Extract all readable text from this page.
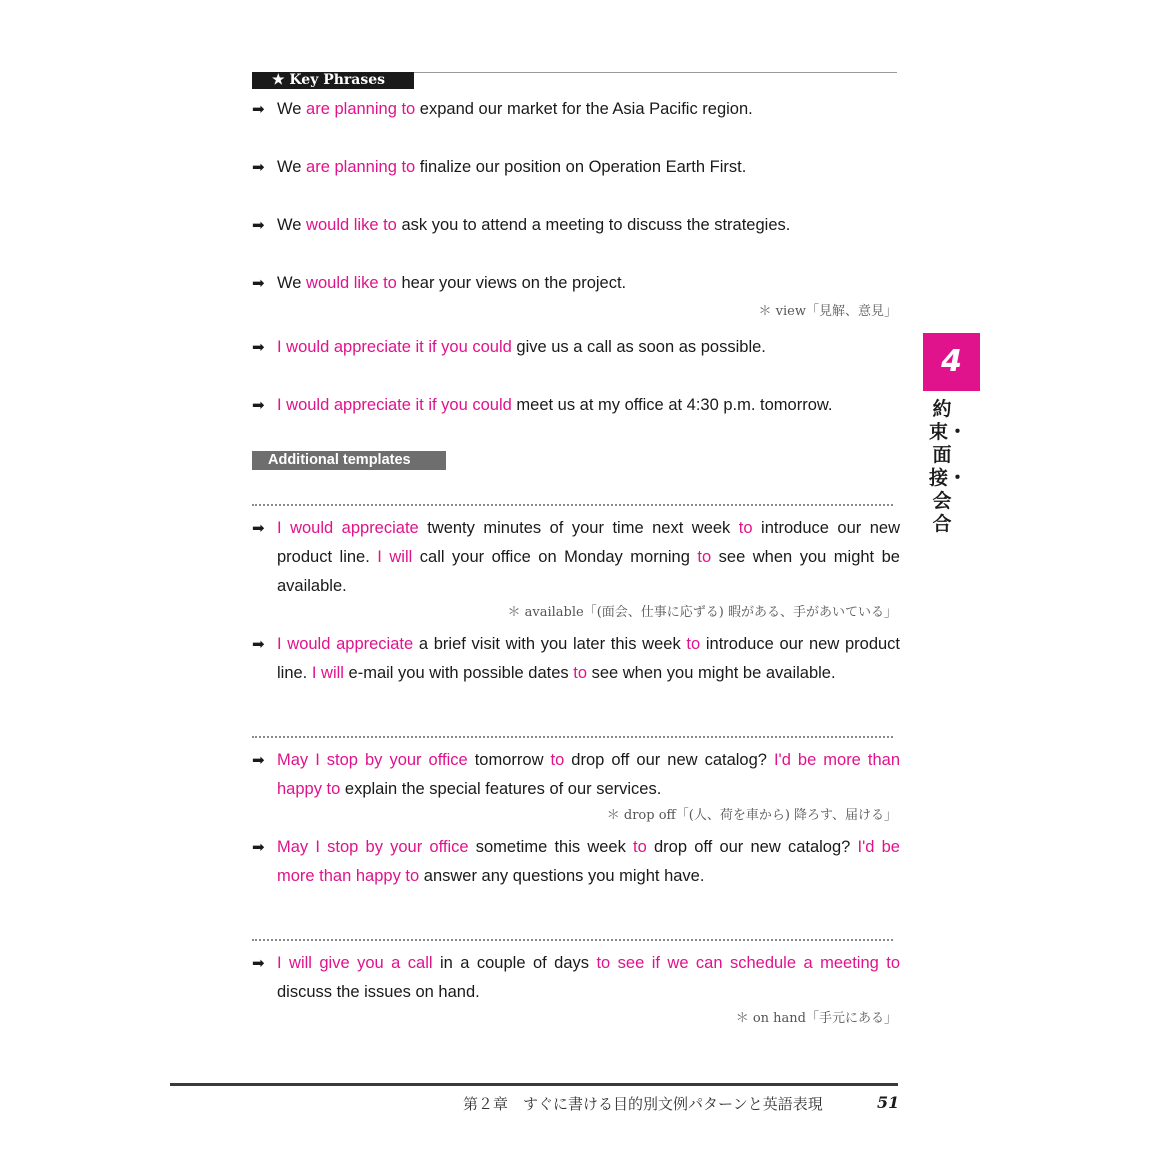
★ Key Phrases
➡ We are planning to expand our market for the Asia Pacific region.
➡ We are planning to finalize our position on Operation Earth First.
➡ We would like to ask you to attend a meeting to discuss the strategies.
➡ We would like to hear your views on the project.
＊ view「見解、意見」
➡ I would appreciate it if you could give us a call as soon as possible.
➡ I would appreciate it if you could meet us at my office at 4:30 p.m. tomorrow.
Additional templates
➡ I would appreciate twenty minutes of your time next week to introduce our new product line. I will call your office on Monday morning to see when you might be available.
＊ available「(面会、仕事に応ずる) 暇がある、手があいている」
➡ I would appreciate a brief visit with you later this week to introduce our new product line. I will e-mail you with possible dates to see when you might be available.
➡ May I stop by your office tomorrow to drop off our new catalog? I'd be more than happy to explain the special features of our services.
＊ drop off「(人、荷を車から) 降ろす、届ける」
➡ May I stop by your office sometime this week to drop off our new catalog? I'd be more than happy to answer any questions you might have.
➡ I will give you a call in a couple of days to see if we can schedule a meeting to discuss the issues on hand.
＊ on hand「手元にある」
4
約束・面接・会合
第２章　すぐに書ける目的別文例パターンと英語表現	51
